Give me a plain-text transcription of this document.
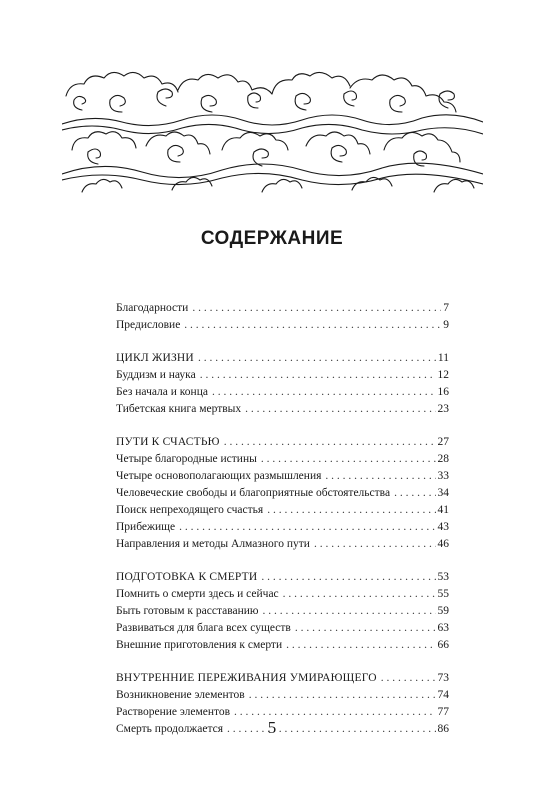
СОДЕРЖАНИЕ
Благодарности . . .	7
Предисловие . . .	9
ЦИКЛ ЖИЗНИ . . .	11
Буддизм и наука . . .	12
Без начала и конца . . .	16
Тибетская книга мертвых . . .	23
ПУТИ К СЧАСТЬЮ . . .	27
Четыре благородные истины . . .	28
Четыре основополагающих размышления . . .	33
Человеческие свободы и благоприятные обстоятельства . . .	34
Поиск непреходящего счастья . . .	41
Прибежище . . .	43
Направления и методы Алмазного пути . . .	46
ПОДГОТОВКА К СМЕРТИ . . .	53
Помнить о смерти здесь и сейчас . . .	55
Быть готовым к расставанию . . .	59
Развиваться для блага всех существ . . .	63
Внешние приготовления к смерти . . .	66
ВНУТРЕННИЕ ПЕРЕЖИВАНИЯ УМИРАЮЩЕГО . . .	73
Возникновение элементов . . .	74
Растворение элементов . . .	77
Смерть продолжается . . .	86
5
